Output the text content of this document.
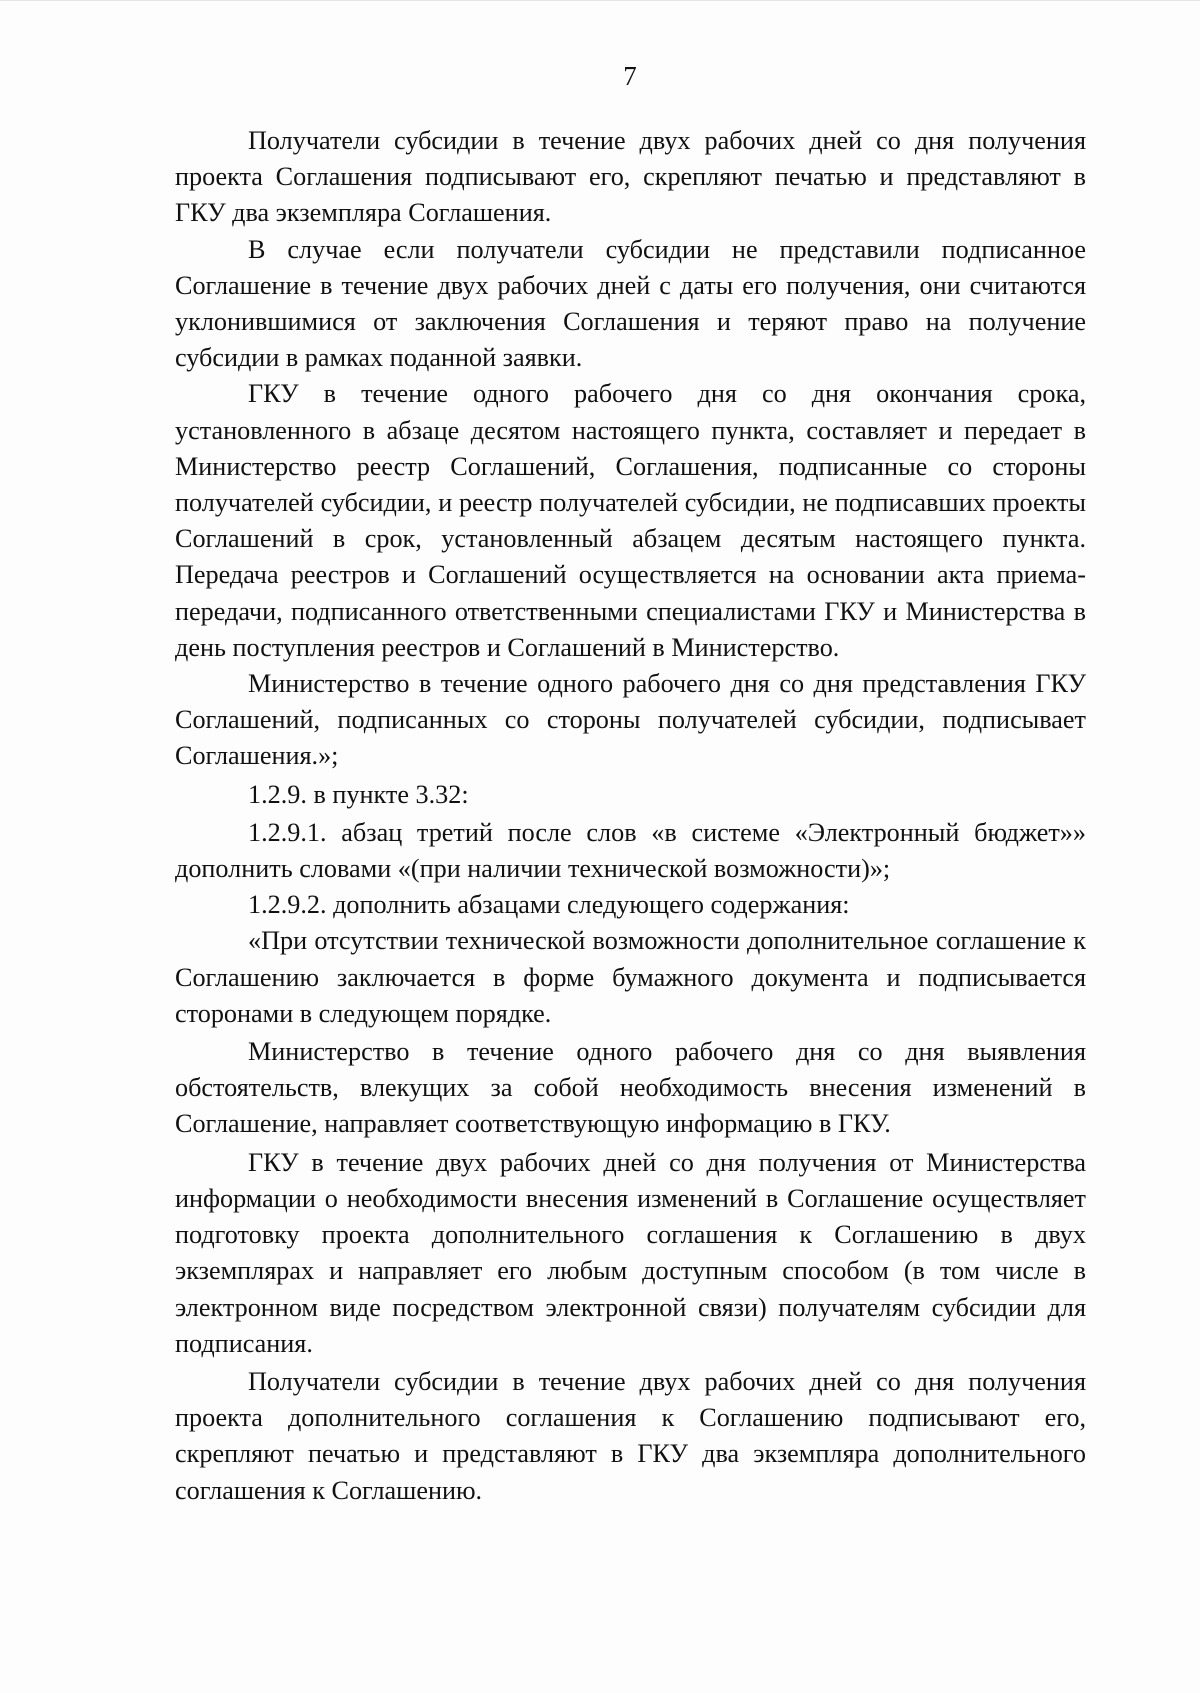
7

Получатели субсидии в течение двух рабочих дней со дня получения проекта Соглашения подписывают его, скрепляют печатью и представляют в ГКУ два экземпляра Соглашения.

В случае если получатели субсидии не представили подписанное Соглашение в течение двух рабочих дней с даты его получения, они считаются уклонившимися от заключения Соглашения и теряют право на получение субсидии в рамках поданной заявки.

ГКУ в течение одного рабочего дня со дня окончания срока, установленного в абзаце десятом настоящего пункта, составляет и передает в Министерство реестр Соглашений, Соглашения, подписанные со стороны получателей субсидии, и реестр получателей субсидии, не подписавших проекты Соглашений в срок, установленный абзацем десятым настоящего пункта. Передача реестров и Соглашений осуществляется на основании акта приема-передачи, подписанного ответственными специалистами ГКУ и Министерства в день поступления реестров и Соглашений в Министерство.

Министерство в течение одного рабочего дня со дня представления ГКУ Соглашений, подписанных со стороны получателей субсидии, подписывает Соглашения.»;

1.2.9. в пункте 3.32:

1.2.9.1. абзац третий после слов «в системе «Электронный бюджет»» дополнить словами «(при наличии технической возможности)»;

1.2.9.2. дополнить абзацами следующего содержания:

«При отсутствии технической возможности дополнительное соглашение к Соглашению заключается в форме бумажного документа и подписывается сторонами в следующем порядке.

Министерство в течение одного рабочего дня со дня выявления обстоятельств, влекущих за собой необходимость внесения изменений в Соглашение, направляет соответствующую информацию в ГКУ.

ГКУ в течение двух рабочих дней со дня получения от Министерства информации о необходимости внесения изменений в Соглашение осуществляет подготовку проекта дополнительного соглашения к Соглашению в двух экземплярах и направляет его любым доступным способом (в том числе в электронном виде посредством электронной связи) получателям субсидии для подписания.

Получатели субсидии в течение двух рабочих дней со дня получения проекта дополнительного соглашения к Соглашению подписывают его, скрепляют печатью и представляют в ГКУ два экземпляра дополнительного соглашения к Соглашению.
